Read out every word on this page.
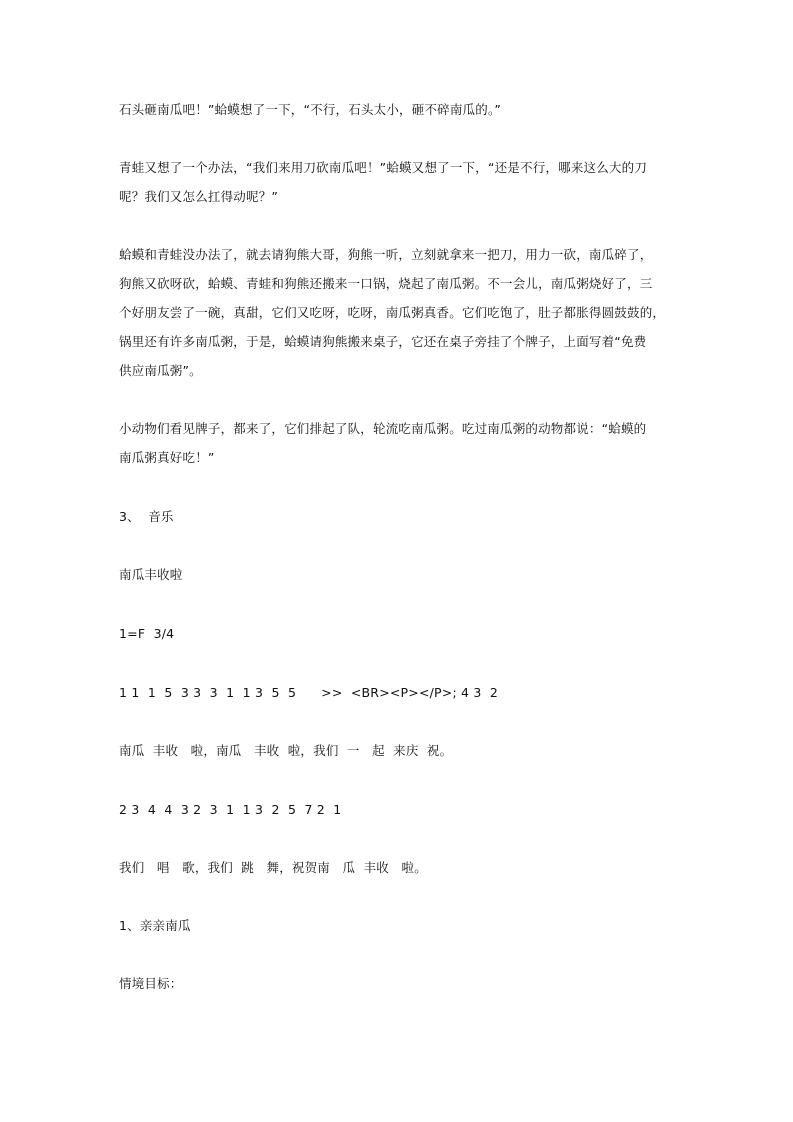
石头砸南瓜吧！”蛤蟆想了一下，“不行，石头太小，砸不碎南瓜的。”
青蛙又想了一个办法，“我们来用刀砍南瓜吧！”蛤蟆又想了一下，“还是不行，哪来这么大的刀
呢？我们又怎么扛得动呢？”
蛤蟆和青蛙没办法了，就去请狗熊大哥，狗熊一听，立刻就拿来一把刀，用力一砍，南瓜碎了，
狗熊又砍呀砍，蛤蟆、青蛙和狗熊还搬来一口锅，烧起了南瓜粥。不一会儿，南瓜粥烧好了，三
个好朋友尝了一碗，真甜，它们又吃呀，吃呀，南瓜粥真香。它们吃饱了，肚子都胀得圆鼓鼓的，
锅里还有许多南瓜粥，于是，蛤蟆请狗熊搬来桌子，它还在桌子旁挂了个牌子，上面写着“免费
供应南瓜粥”。
小动物们看见牌子，都来了，它们排起了队，轮流吃南瓜粥。吃过南瓜粥的动物都说：“蛤蟆的
南瓜粥真好吃！”
3、  音乐
南瓜丰收啦
1=F  3/4
1 1  1  5  3 3  3  1  1 3  5  5      >>  <BR><P></P>; 4 3  2
南瓜  丰收   啦，南瓜   丰收  啦，我们  一   起  来庆  祝。
2 3  4  4  3 2  3  1  1 3  2  5  7 2  1
我们   唱   歌，我们  跳   舞，祝贺南   瓜  丰收   啦。
1、亲亲南瓜
情境目标：
